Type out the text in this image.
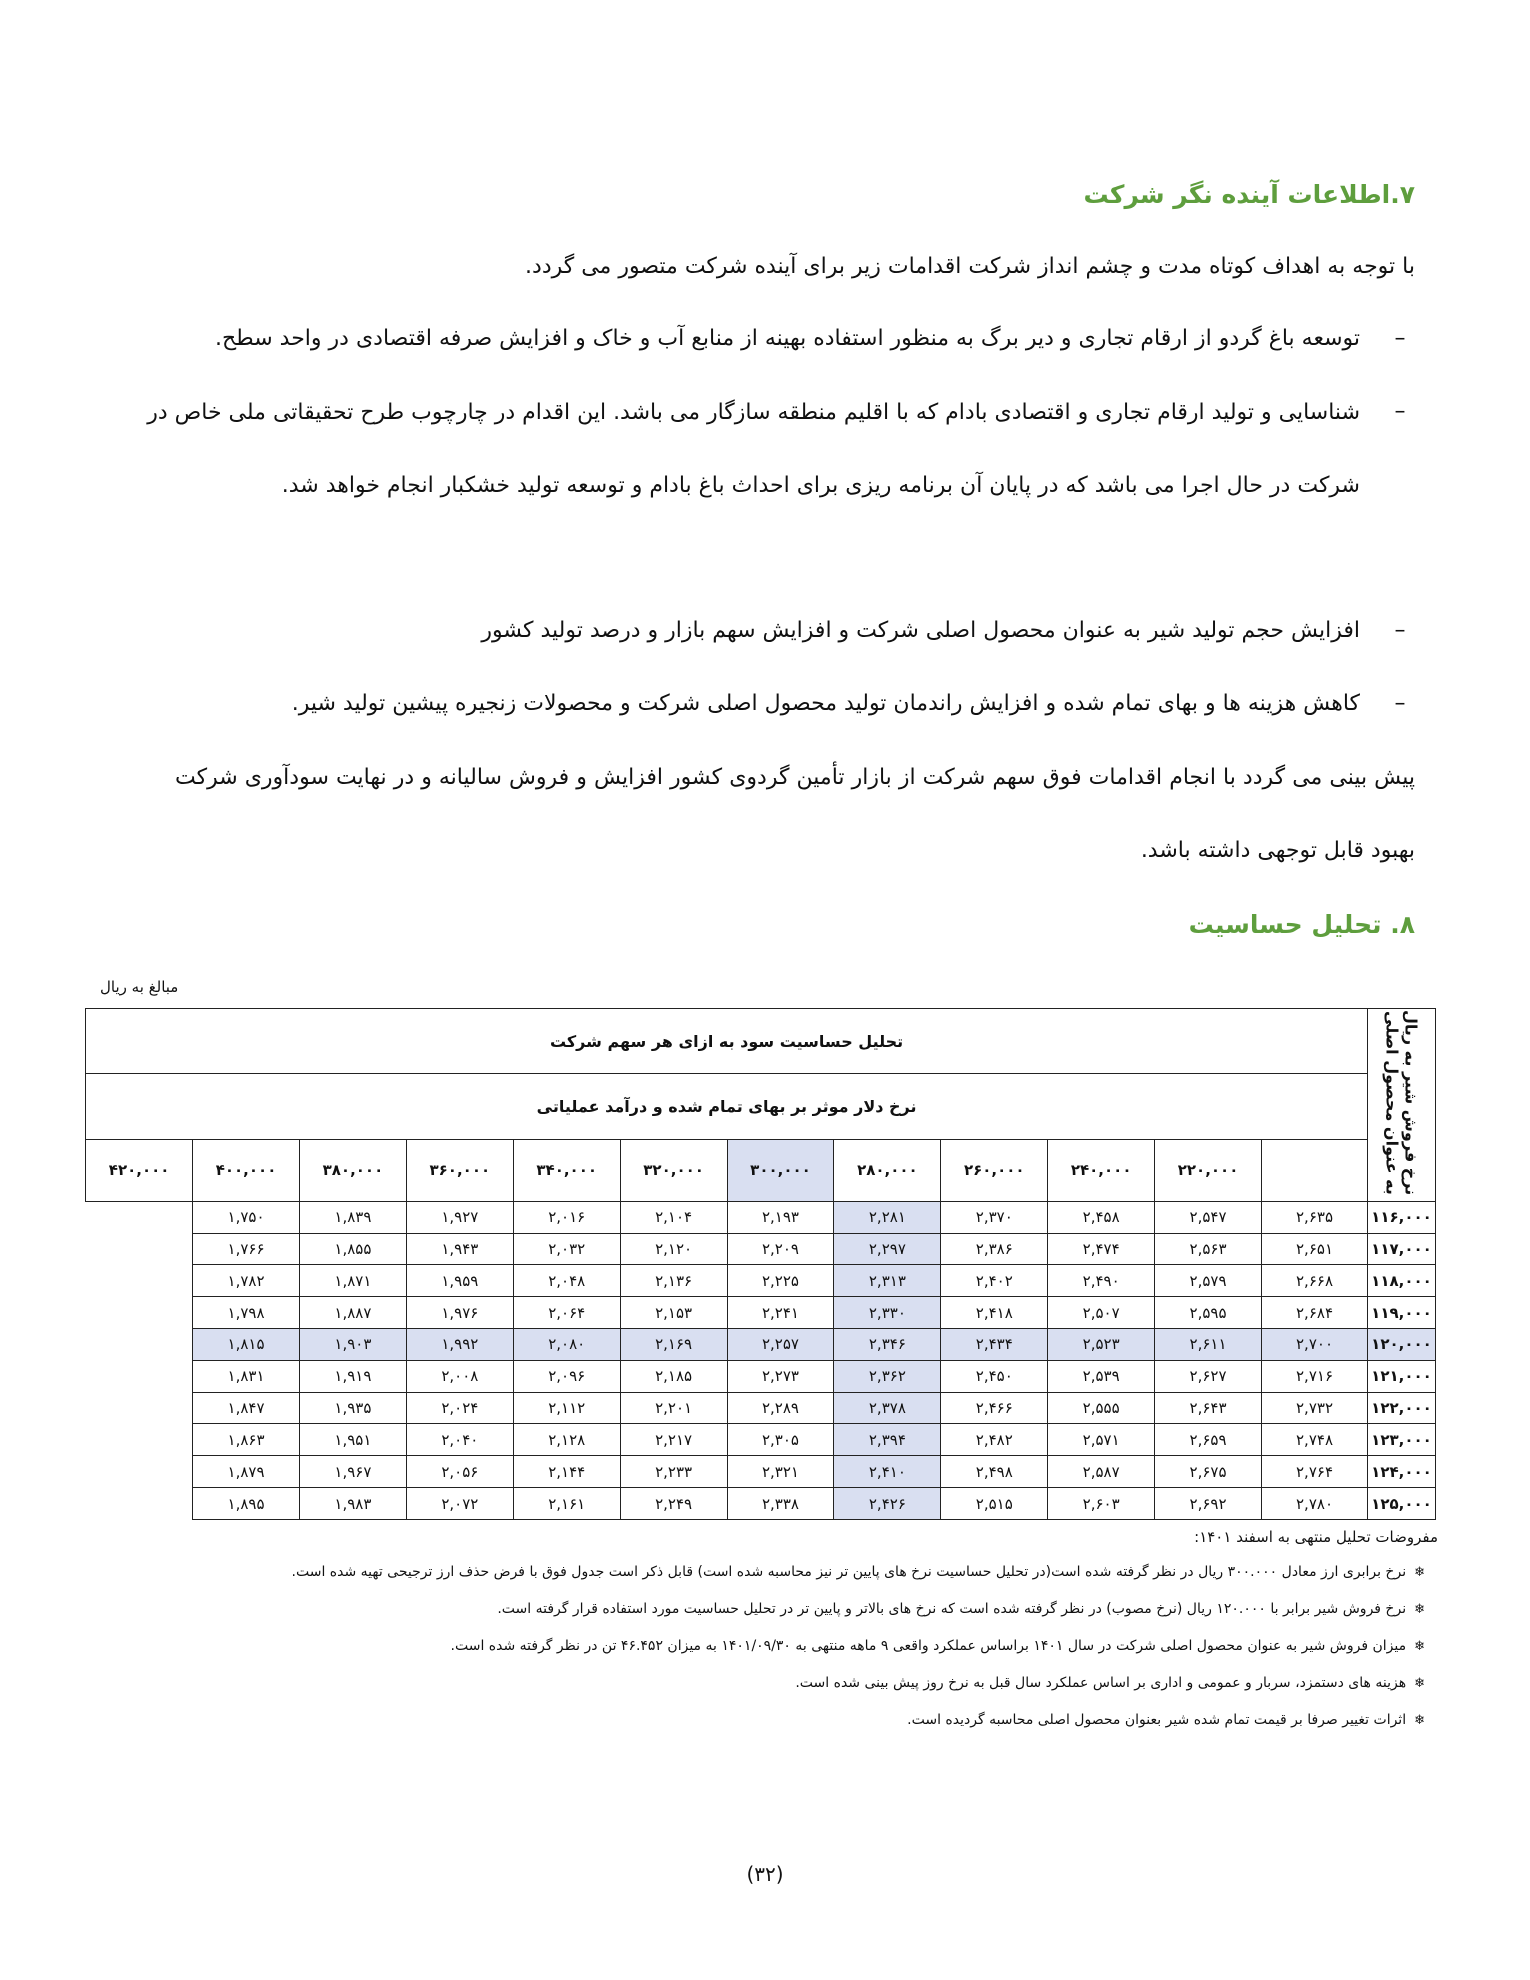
۷.اطلاعات آینده نگر شرکت
با توجه به اهداف کوتاه مدت و چشم انداز شرکت اقدامات زیر برای آینده شرکت متصور می گردد.
–
توسعه باغ گردو از ارقام تجاری و دیر برگ به منظور استفاده بهینه از منابع آب و خاک و افزایش صرفه اقتصادی در واحد سطح.
–
شناسایی و تولید ارقام تجاری و اقتصادی بادام که با اقلیم منطقه سازگار می باشد. این اقدام در چارچوب طرح تحقیقاتی ملی خاص در شرکت در حال اجرا می باشد که در پایان آن برنامه ریزی برای احداث باغ بادام و توسعه تولید خشکبار انجام خواهد شد.
–
افزایش حجم تولید شیر به عنوان محصول اصلی شرکت و افزایش سهم بازار و درصد تولید کشور
–
کاهش هزینه ها و بهای تمام شده و افزایش راندمان تولید محصول اصلی شرکت و محصولات زنجیره پیشین تولید شیر.
پیش بینی می گردد با انجام اقدامات فوق سهم شرکت از بازار تأمین گردوی کشور افزایش و فروش سالیانه و در نهایت سودآوری شرکت بهبود قابل توجهی داشته باشد.
۸. تحلیل حساسیت
مبالغ به ریال
نرخ فروش شیر به ریال به عنوان محصول اصلی	تحلیل حساسیت سود به ازای هر سهم شرکت											
	نرخ دلار موثر بر بهای تمام شده و درآمد عملیاتی											
		۲۲۰,۰۰۰	۲۴۰,۰۰۰	۲۶۰,۰۰۰	۲۸۰,۰۰۰	۳۰۰,۰۰۰	۳۲۰,۰۰۰	۳۴۰,۰۰۰	۳۶۰,۰۰۰	۳۸۰,۰۰۰	۴۰۰,۰۰۰	۴۲۰,۰۰۰
۱۱۶,۰۰۰	۲,۶۳۵	۲,۵۴۷	۲,۴۵۸	۲,۳۷۰	۲,۲۸۱	۲,۱۹۳	۲,۱۰۴	۲,۰۱۶	۱,۹۲۷	۱,۸۳۹	۱,۷۵۰	
۱۱۷,۰۰۰	۲,۶۵۱	۲,۵۶۳	۲,۴۷۴	۲,۳۸۶	۲,۲۹۷	۲,۲۰۹	۲,۱۲۰	۲,۰۳۲	۱,۹۴۳	۱,۸۵۵	۱,۷۶۶	
۱۱۸,۰۰۰	۲,۶۶۸	۲,۵۷۹	۲,۴۹۰	۲,۴۰۲	۲,۳۱۳	۲,۲۲۵	۲,۱۳۶	۲,۰۴۸	۱,۹۵۹	۱,۸۷۱	۱,۷۸۲	
۱۱۹,۰۰۰	۲,۶۸۴	۲,۵۹۵	۲,۵۰۷	۲,۴۱۸	۲,۳۳۰	۲,۲۴۱	۲,۱۵۳	۲,۰۶۴	۱,۹۷۶	۱,۸۸۷	۱,۷۹۸	
۱۲۰,۰۰۰	۲,۷۰۰	۲,۶۱۱	۲,۵۲۳	۲,۴۳۴	۲,۳۴۶	۲,۲۵۷	۲,۱۶۹	۲,۰۸۰	۱,۹۹۲	۱,۹۰۳	۱,۸۱۵	
۱۲۱,۰۰۰	۲,۷۱۶	۲,۶۲۷	۲,۵۳۹	۲,۴۵۰	۲,۳۶۲	۲,۲۷۳	۲,۱۸۵	۲,۰۹۶	۲,۰۰۸	۱,۹۱۹	۱,۸۳۱	
۱۲۲,۰۰۰	۲,۷۳۲	۲,۶۴۳	۲,۵۵۵	۲,۴۶۶	۲,۳۷۸	۲,۲۸۹	۲,۲۰۱	۲,۱۱۲	۲,۰۲۴	۱,۹۳۵	۱,۸۴۷	
۱۲۳,۰۰۰	۲,۷۴۸	۲,۶۵۹	۲,۵۷۱	۲,۴۸۲	۲,۳۹۴	۲,۳۰۵	۲,۲۱۷	۲,۱۲۸	۲,۰۴۰	۱,۹۵۱	۱,۸۶۳	
۱۲۴,۰۰۰	۲,۷۶۴	۲,۶۷۵	۲,۵۸۷	۲,۴۹۸	۲,۴۱۰	۲,۳۲۱	۲,۲۳۳	۲,۱۴۴	۲,۰۵۶	۱,۹۶۷	۱,۸۷۹	
۱۲۵,۰۰۰	۲,۷۸۰	۲,۶۹۲	۲,۶۰۳	۲,۵۱۵	۲,۴۲۶	۲,۳۳۸	۲,۲۴۹	۲,۱۶۱	۲,۰۷۲	۱,۹۸۳	۱,۸۹۵	
مفروضات تحلیل منتهی به اسفند ۱۴۰۱:
❄نرخ برابری ارز معادل ۳۰۰.۰۰۰ ریال در نظر گرفته شده است(در تحلیل حساسیت نرخ های پایین تر نیز محاسبه شده است) قابل ذکر است جدول فوق با فرض حذف ارز ترجیحی تهیه شده است.
❄نرخ فروش شیر برابر با ۱۲۰.۰۰۰ ریال (نرخ مصوب) در نظر گرفته شده است که نرخ های بالاتر و پایین تر در تحلیل حساسیت مورد استفاده قرار گرفته است.
❄میزان فروش شیر به عنوان محصول اصلی شرکت در سال ۱۴۰۱ براساس عملکرد واقعی ۹ ماهه منتهی به ۱۴۰۱/۰۹/۳۰ به میزان ۴۶.۴۵۲ تن در نظر گرفته شده است.
❄هزینه های دستمزد، سربار و عمومی و اداری بر اساس عملکرد سال قبل به نرخ روز پیش بینی شده است.
❄اثرات تغییر صرفا بر قیمت تمام شده شیر بعنوان محصول اصلی محاسبه گردیده است.
(۳۲)
